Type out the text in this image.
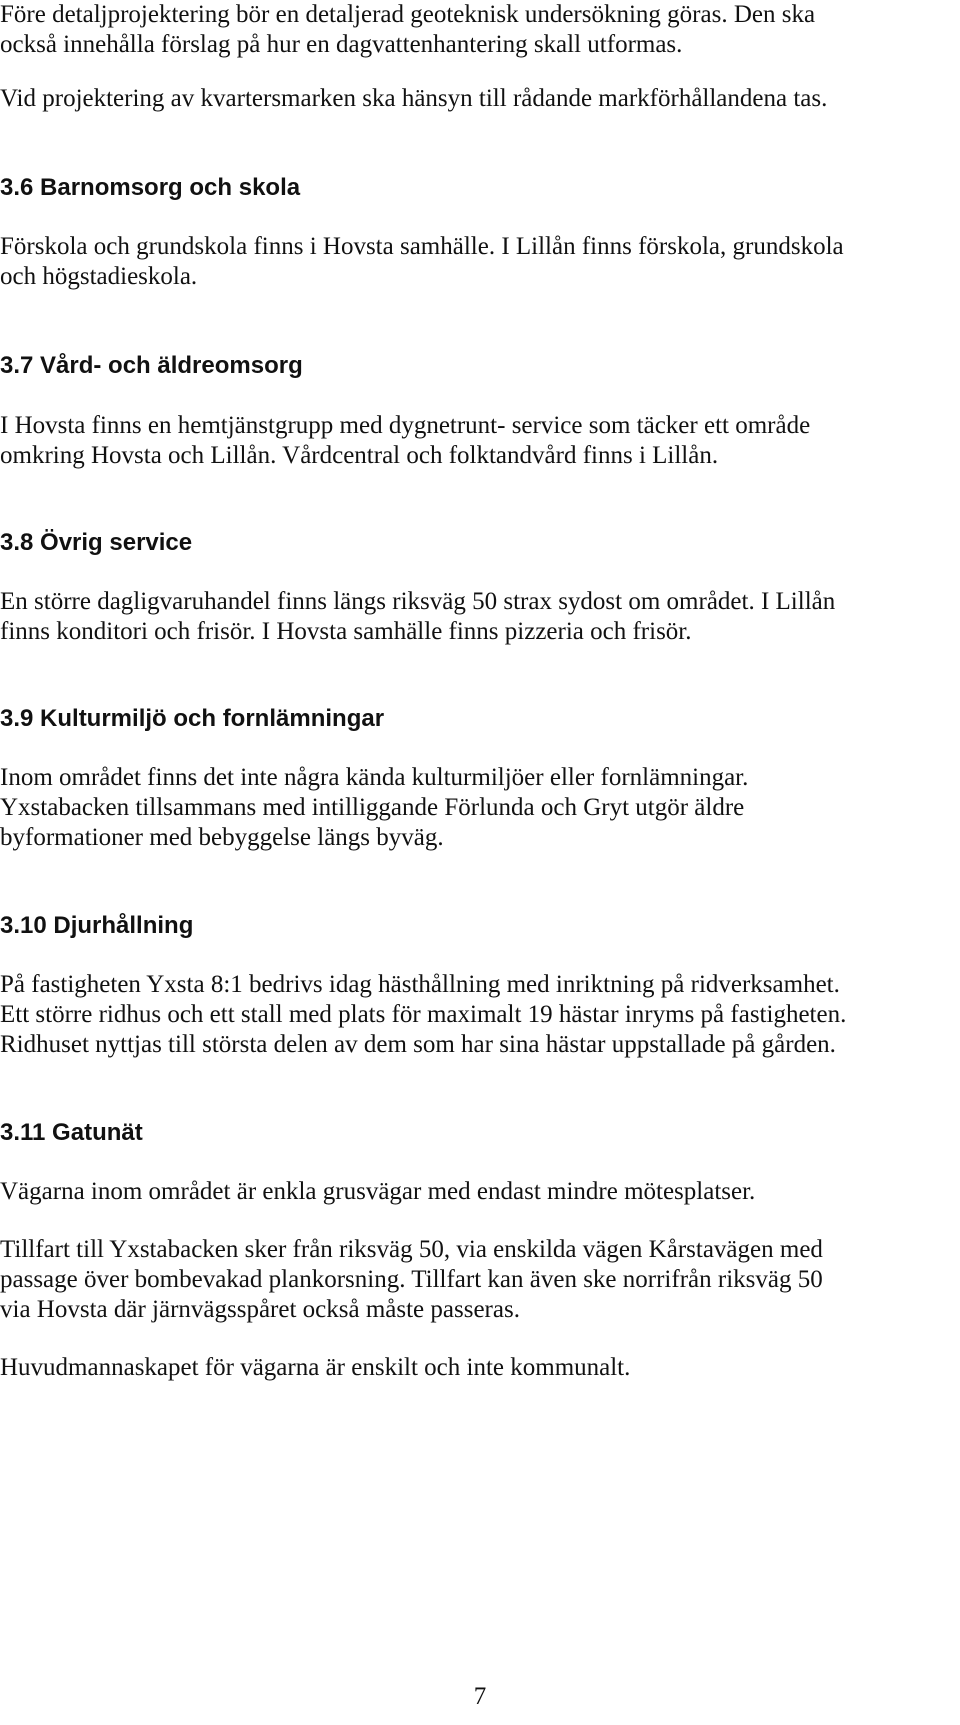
Före detaljprojektering bör en detaljerad geoteknisk undersökning göras. Den ska
också innehålla förslag på hur en dagvattenhantering skall utformas.

Vid projektering av kvartersmarken ska hänsyn till rådande markförhållandena tas.

3.6 Barnomsorg och skola

Förskola och grundskola finns i Hovsta samhälle. I Lillån finns förskola, grundskola
och högstadieskola.

3.7 Vård- och äldreomsorg

I Hovsta finns en hemtjänstgrupp med dygnetrunt- service som täcker ett område
omkring Hovsta och Lillån. Vårdcentral och folktandvård finns i Lillån.

3.8 Övrig service

En större dagligvaruhandel finns längs riksväg 50 strax sydost om området. I Lillån
finns konditori och frisör. I Hovsta samhälle finns pizzeria och frisör.

3.9 Kulturmiljö och fornlämningar

Inom området finns det inte några kända kulturmiljöer eller fornlämningar.
Yxstabacken tillsammans med intilliggande Förlunda och Gryt utgör äldre
byformationer med bebyggelse längs byväg.

3.10 Djurhållning

På fastigheten Yxsta 8:1 bedrivs idag hästhållning med inriktning på ridverksamhet.
Ett större ridhus och ett stall med plats för maximalt 19 hästar inryms på fastigheten.
Ridhuset nyttjas till största delen av dem som har sina hästar uppstallade på gården.

3.11 Gatunät

Vägarna inom området är enkla grusvägar med endast mindre mötesplatser.

Tillfart till Yxstabacken sker från riksväg 50, via enskilda vägen Kårstavägen med
passage över bombevakad plankorsning. Tillfart kan även ske norrifrån riksväg 50
via Hovsta där järnvägsspåret också måste passeras.

Huvudmannaskapet för vägarna är enskilt och inte kommunalt.

7
